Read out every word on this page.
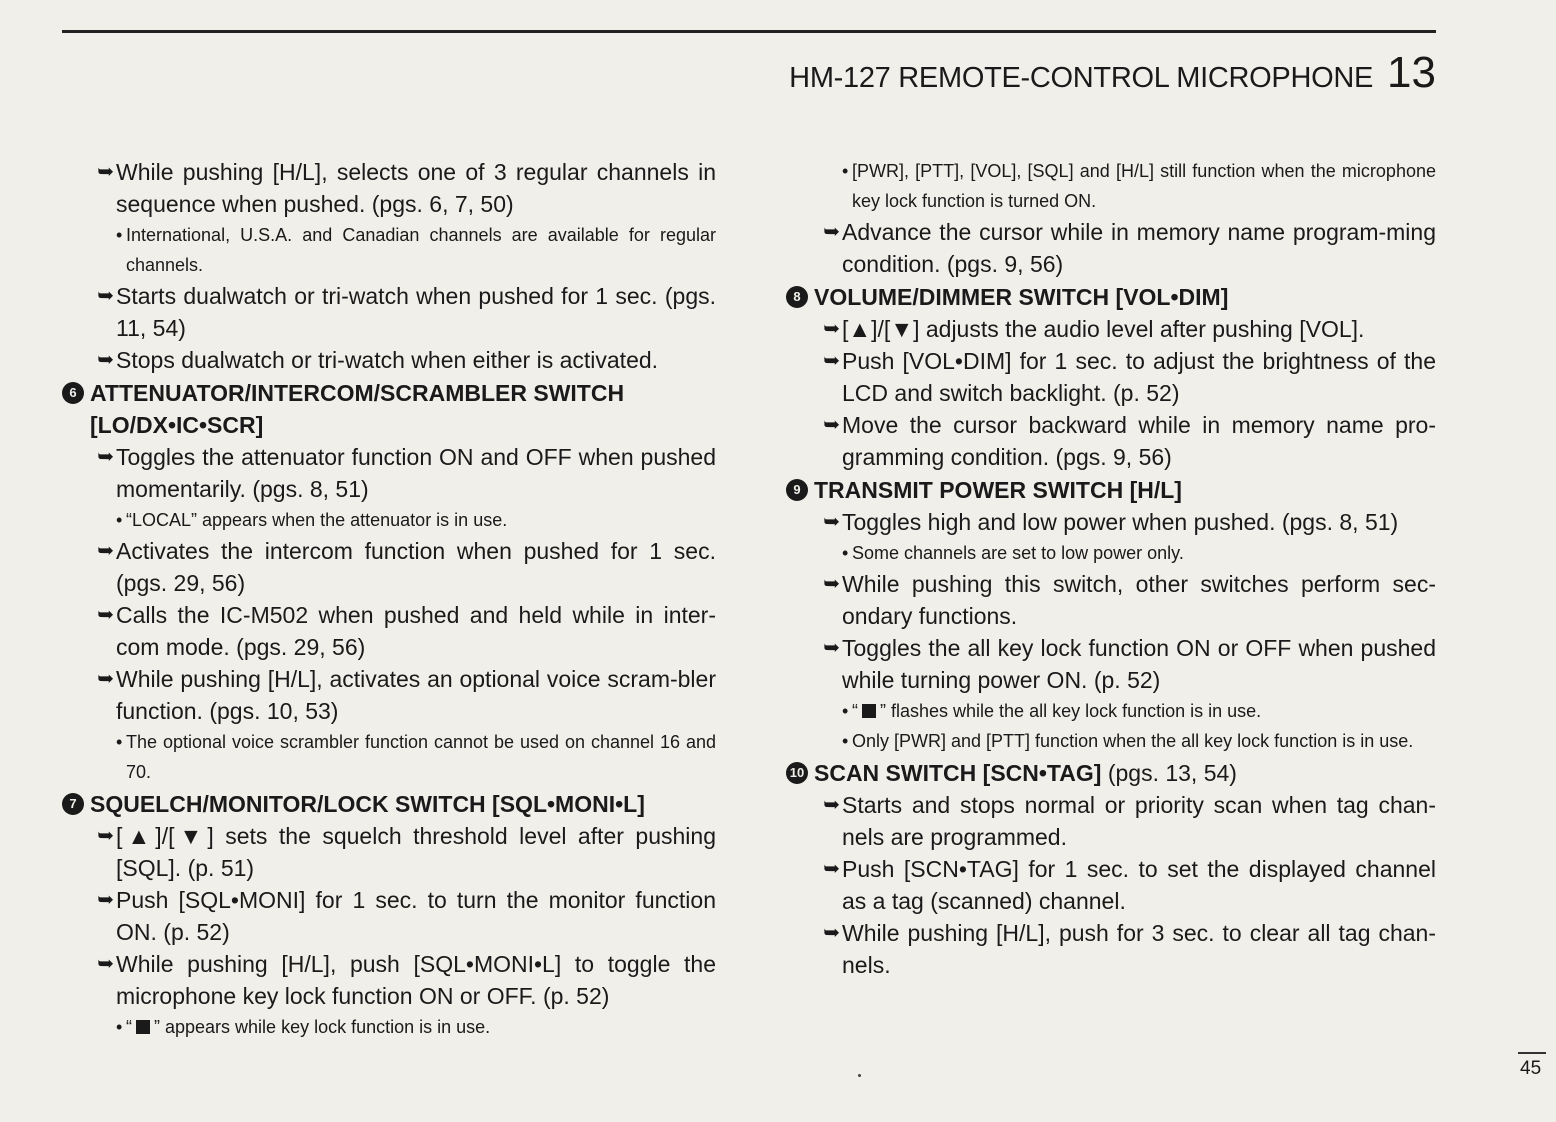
HM-127 REMOTE-CONTROL MICROPHONE 13
➥ While pushing [H/L], selects one of 3 regular channels in sequence when pushed. (pgs. 6, 7, 50)
• International, U.S.A. and Canadian channels are available for regular channels.
➥ Starts dualwatch or tri-watch when pushed for 1 sec. (pgs. 11, 54)
➥ Stops dualwatch or tri-watch when either is activated.
6 ATTENUATOR/INTERCOM/SCRAMBLER SWITCH [LO/DX•IC•SCR]
➥ Toggles the attenuator function ON and OFF when pushed momentarily. (pgs. 8, 51)
• “LOCAL” appears when the attenuator is in use.
➥ Activates the intercom function when pushed for 1 sec. (pgs. 29, 56)
➥ Calls the IC-M502 when pushed and held while in inter-com mode. (pgs. 29, 56)
➥ While pushing [H/L], activates an optional voice scram-bler function. (pgs. 10, 53)
• The optional voice scrambler function cannot be used on channel 16 and 70.
7 SQUELCH/MONITOR/LOCK SWITCH [SQL•MONI•L]
➥ [▲]/[▼] sets the squelch threshold level after pushing [SQL]. (p. 51)
➥ Push [SQL•MONI] for 1 sec. to turn the monitor function ON. (p. 52)
➥ While pushing [H/L], push [SQL•MONI•L] to toggle the microphone key lock function ON or OFF. (p. 52)
• “ ” appears while key lock function is in use.
• [PWR], [PTT], [VOL], [SQL] and [H/L] still function when the microphone key lock function is turned ON.
➥ Advance the cursor while in memory name program-ming condition. (pgs. 9, 56)
8 VOLUME/DIMMER SWITCH [VOL•DIM]
➥ [▲]/[▼] adjusts the audio level after pushing [VOL].
➥ Push [VOL•DIM] for 1 sec. to adjust the brightness of the LCD and switch backlight. (p. 52)
➥ Move the cursor backward while in memory name pro-gramming condition. (pgs. 9, 56)
9 TRANSMIT POWER SWITCH [H/L]
➥ Toggles high and low power when pushed. (pgs. 8, 51)
• Some channels are set to low power only.
➥ While pushing this switch, other switches perform sec-ondary functions.
➥ Toggles the all key lock function ON or OFF when pushed while turning power ON. (p. 52)
• “ ” flashes while the all key lock function is in use.
• Only [PWR] and [PTT] function when the all key lock function is in use.
10 SCAN SWITCH [SCN•TAG] (pgs. 13, 54)
➥ Starts and stops normal or priority scan when tag chan-nels are programmed.
➥ Push [SCN•TAG] for 1 sec. to set the displayed channel as a tag (scanned) channel.
➥ While pushing [H/L], push for 3 sec. to clear all tag chan-nels.
45
